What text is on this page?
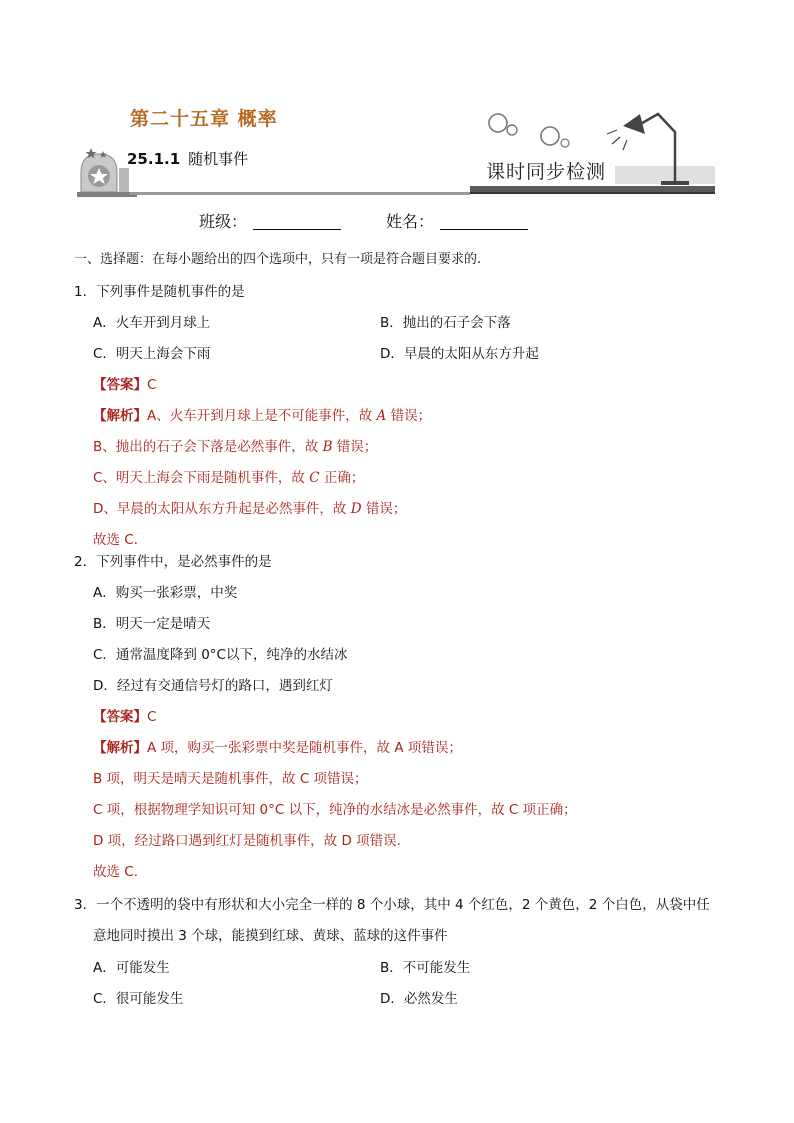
第二十五章 概率
25.1.1 随机事件
课时同步检测
班级：	姓名：
一、选择题：在每小题给出的四个选项中，只有一项是符合题目要求的.
1．下列事件是随机事件的是
A．火车开到月球上	B．抛出的石子会下落
C．明天上海会下雨	D．早晨的太阳从东方升起
【答案】C
【解析】A、火车开到月球上是不可能事件，故 A 错误；
B、抛出的石子会下落是必然事件，故 B 错误；
C、明天上海会下雨是随机事件，故 C 正确；
D、早晨的太阳从东方升起是必然事件，故 D 错误；
故选 C．
2．下列事件中，是必然事件的是
A．购买一张彩票，中奖
B．明天一定是晴天
C．通常温度降到 0°C以下，纯净的水结冰
D．经过有交通信号灯的路口，遇到红灯
【答案】C
【解析】A 项，购买一张彩票中奖是随机事件，故 A 项错误；
B 项，明天是晴天是随机事件，故 C 项错误；
C 项，根据物理学知识可知 0°C 以下，纯净的水结冰是必然事件，故 C 项正确；
D 项，经过路口遇到红灯是随机事件，故 D 项错误.
故选 C．
3．一个不透明的袋中有形状和大小完全一样的 8 个小球，其中 4 个红色，2 个黄色，2 个白色，从袋中任
意地同时摸出 3 个球，能摸到红球、黄球、蓝球的这件事件
A．可能发生	B．不可能发生
C．很可能发生	D．必然发生
